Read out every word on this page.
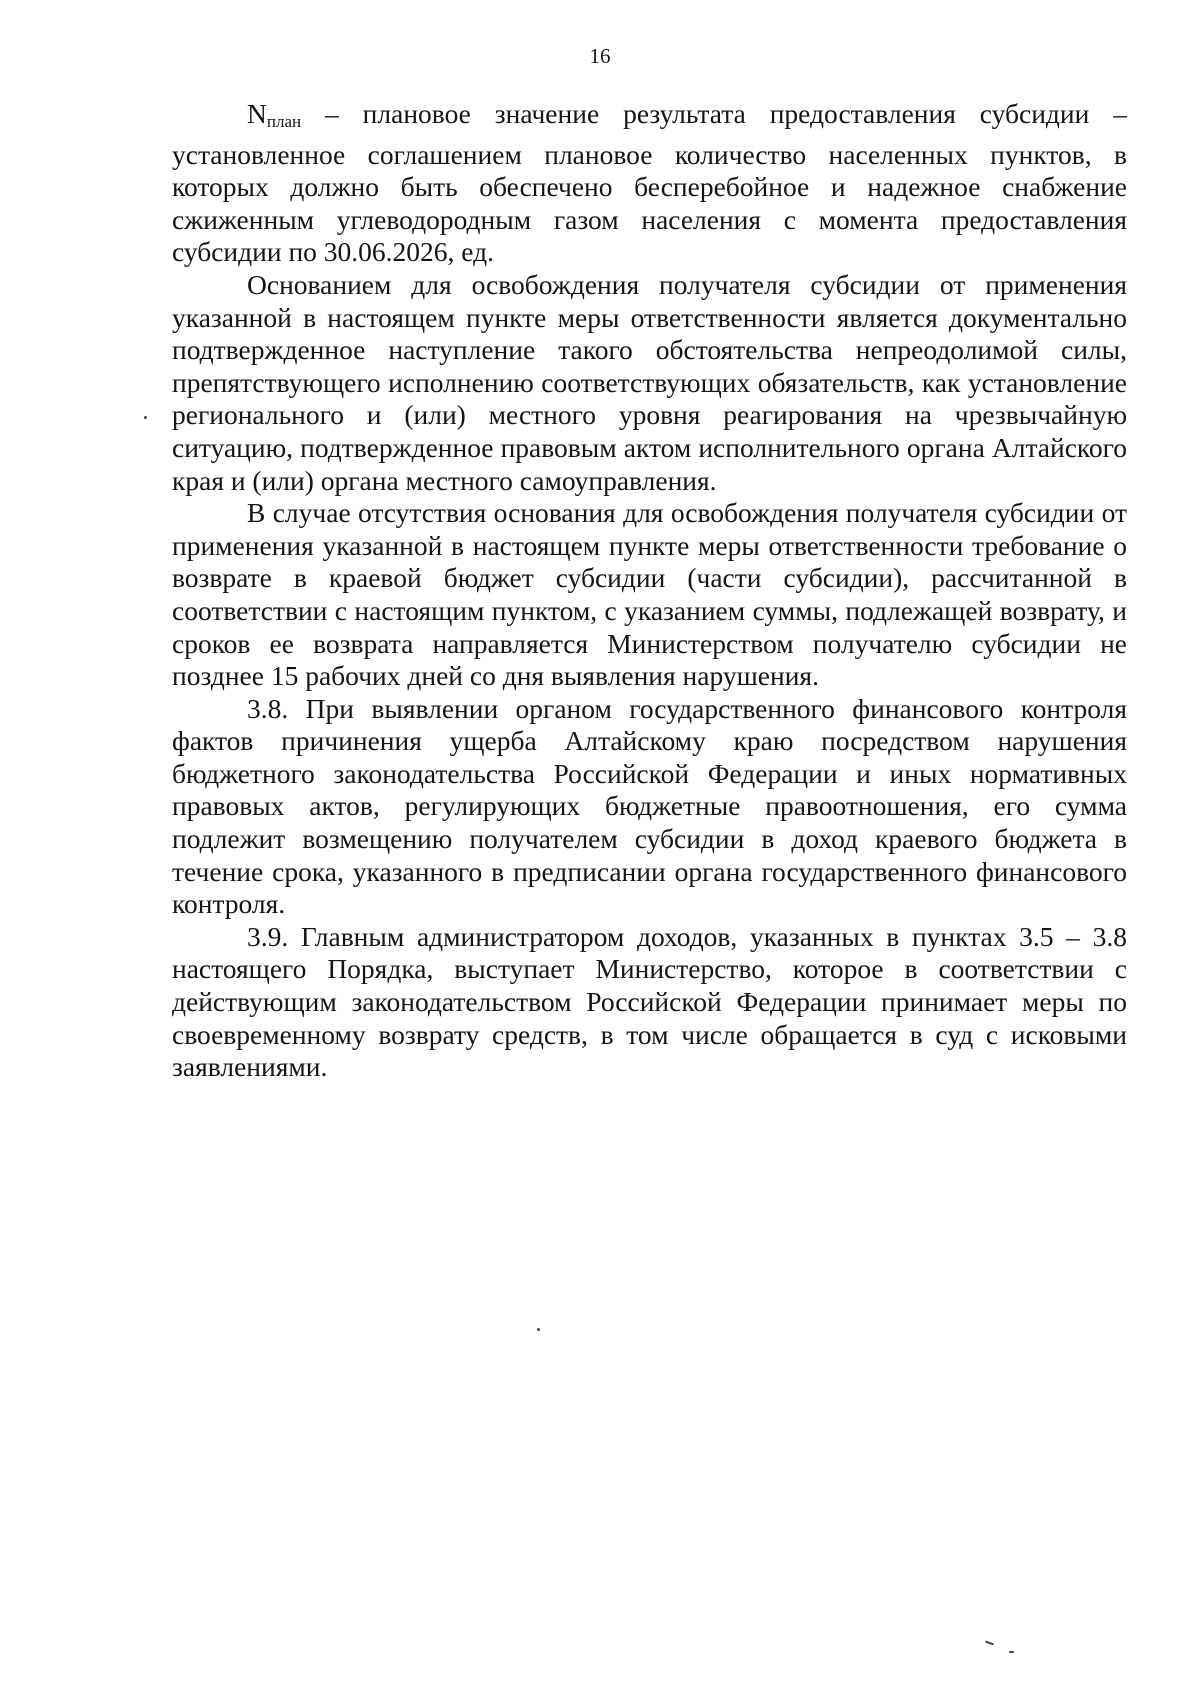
16

Nплан – плановое значение результата предоставления субсидии – установленное соглашением плановое количество населенных пунктов, в которых должно быть обеспечено бесперебойное и надежное снабжение сжиженным углеводородным газом населения с момента предоставления субсидии по 30.06.2026, ед.

Основанием для освобождения получателя субсидии от применения указанной в настоящем пункте меры ответственности является документально подтвержденное наступление такого обстоятельства непреодолимой силы, препятствующего исполнению соответствующих обязательств, как установление регионального и (или) местного уровня реагирования на чрезвычайную ситуацию, подтвержденное правовым актом исполнительного органа Алтайского края и (или) органа местного самоуправления.

В случае отсутствия основания для освобождения получателя субсидии от применения указанной в настоящем пункте меры ответственности требование о возврате в краевой бюджет субсидии (части субсидии), рассчитанной в соответствии с настоящим пунктом, с указанием суммы, подлежащей возврату, и сроков ее возврата направляется Министерством получателю субсидии не позднее 15 рабочих дней со дня выявления нарушения.

3.8. При выявлении органом государственного финансового контроля фактов причинения ущерба Алтайскому краю посредством нарушения бюджетного законодательства Российской Федерации и иных нормативных правовых актов, регулирующих бюджетные правоотношения, его сумма подлежит возмещению получателем субсидии в доход краевого бюджета в течение срока, указанного в предписании органа государственного финансового контроля.

3.9. Главным администратором доходов, указанных в пунктах 3.5 – 3.8 настоящего Порядка, выступает Министерство, которое в соответствии с действующим законодательством Российской Федерации принимает меры по своевременному возврату средств, в том числе обращается в суд с исковыми заявлениями.
